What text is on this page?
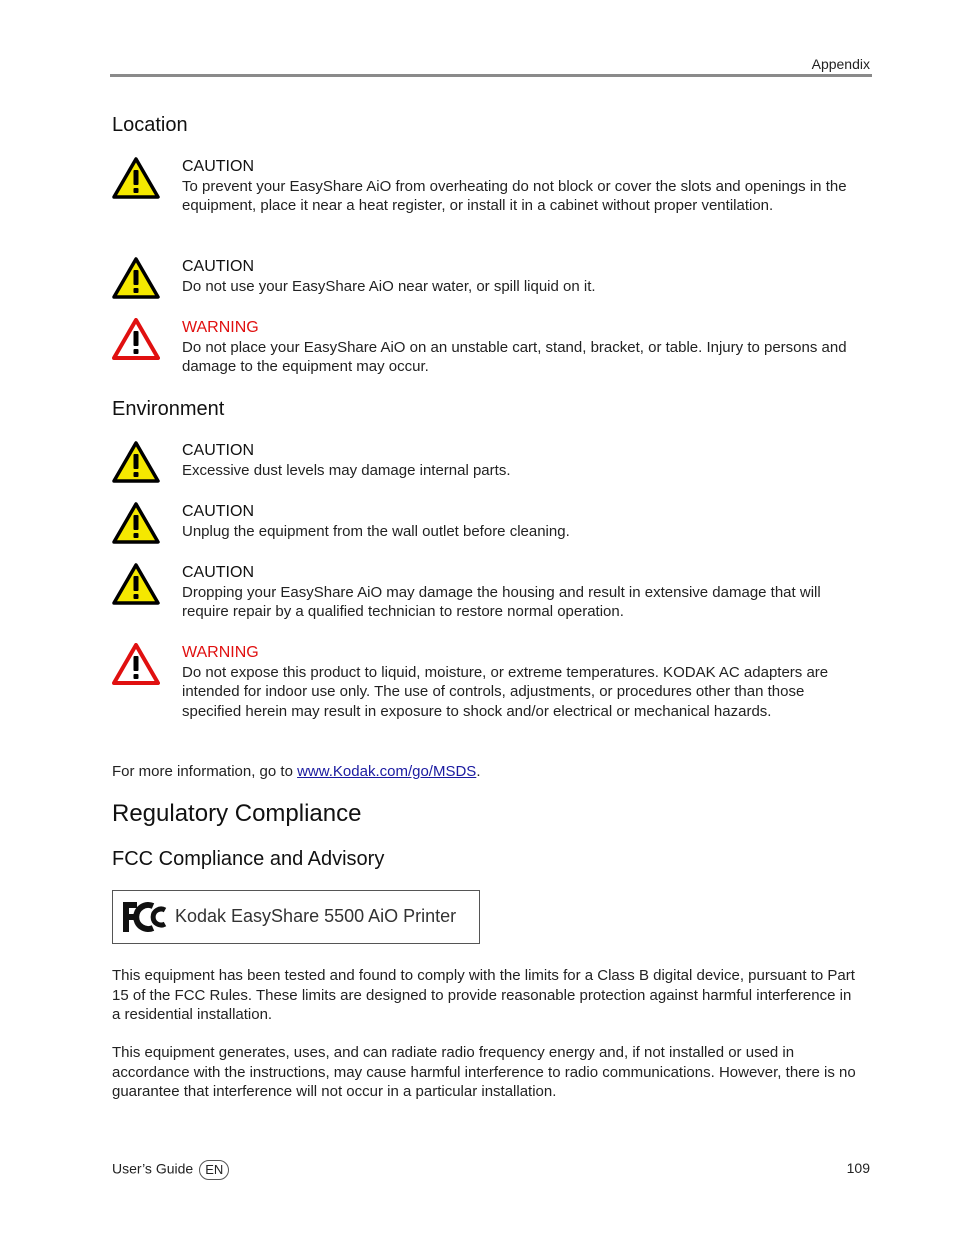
Appendix
Location
CAUTION
To prevent your EasyShare AiO from overheating do not block or cover the slots and openings in the equipment, place it near a heat register, or install it in a cabinet without proper ventilation.
CAUTION
Do not use your EasyShare AiO near water, or spill liquid on it.
WARNING
Do not place your EasyShare AiO on an unstable cart, stand, bracket, or table. Injury to persons and damage to the equipment may occur.
Environment
CAUTION
Excessive dust levels may damage internal parts.
CAUTION
Unplug the equipment from the wall outlet before cleaning.
CAUTION
Dropping your EasyShare AiO may damage the housing and result in extensive damage that will require repair by a qualified technician to restore normal operation.
WARNING
Do not expose this product to liquid, moisture, or extreme temperatures. KODAK AC adapters are intended for indoor use only. The use of controls, adjustments, or procedures other than those specified herein may result in exposure to shock and/or electrical or mechanical hazards.
For more information, go to www.Kodak.com/go/MSDS.
Regulatory Compliance
FCC Compliance and Advisory
Kodak EasyShare 5500 AiO Printer
This equipment has been tested and found to comply with the limits for a Class B digital device, pursuant to Part 15 of the FCC Rules. These limits are designed to provide reasonable protection against harmful interference in a residential installation.
This equipment generates, uses, and can radiate radio frequency energy and, if not installed or used in accordance with the instructions, may cause harmful interference to radio communications. However, there is no guarantee that interference will not occur in a particular installation.
User’s Guide EN	109
